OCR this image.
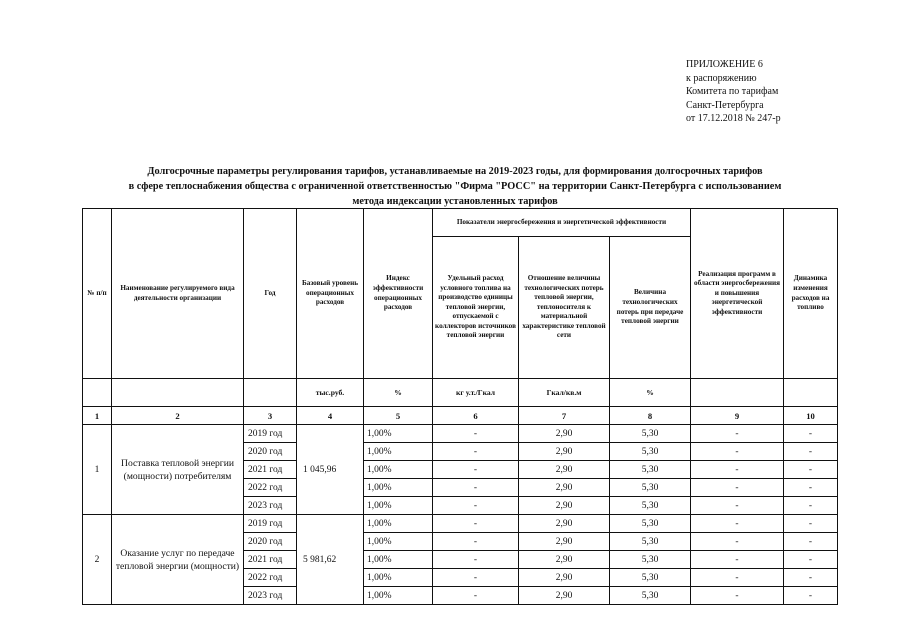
ПРИЛОЖЕНИЕ 6
к распоряжению
Комитета по тарифам
Санкт-Петербурга
от 17.12.2018 № 247-р
Долгосрочные параметры регулирования тарифов, устанавливаемые на 2019-2023 годы, для формирования долгосрочных тарифов
в сфере теплоснабжения общества с ограниченной ответственностью "Фирма "РОСС" на территории Санкт-Петербурга с использованием
метода индексации установленных тарифов
№ п/п	Наименование регулируемого вида деятельности организации	Год	Базовый уровень операционных расходов	Индекс эффективности операционных расходов	Показатели энергосбережения и энергетической эффективности			Реализация программ в области энергосбережения и повышения энергетической эффективности	Динамика изменения расходов на топливо
					Удельный расход условного топлива на производство единицы тепловой энергии, отпускаемой с коллекторов источников тепловой энергии	Отношение величины технологических потерь тепловой энергии, теплоносителя к материальной характеристике тепловой сети	Величина технологических потерь при передаче тепловой энергии		
			тыс.руб.	%	кг у.т./Гкал	Гкал/кв.м	%		
1	2	3	4	5	6	7	8	9	10
1	Поставка тепловой энергии (мощности) потребителям	2019 год	1 045,96	1,00%	-	2,90	5,30	-	-
		2020 год		1,00%	-	2,90	5,30	-	-
		2021 год		1,00%	-	2,90	5,30	-	-
		2022 год		1,00%	-	2,90	5,30	-	-
		2023 год		1,00%	-	2,90	5,30	-	-
2	Оказание услуг по передаче тепловой энергии (мощности)	2019 год	5 981,62	1,00%	-	2,90	5,30	-	-
		2020 год		1,00%	-	2,90	5,30	-	-
		2021 год		1,00%	-	2,90	5,30	-	-
		2022 год		1,00%	-	2,90	5,30	-	-
		2023 год		1,00%	-	2,90	5,30	-	-
